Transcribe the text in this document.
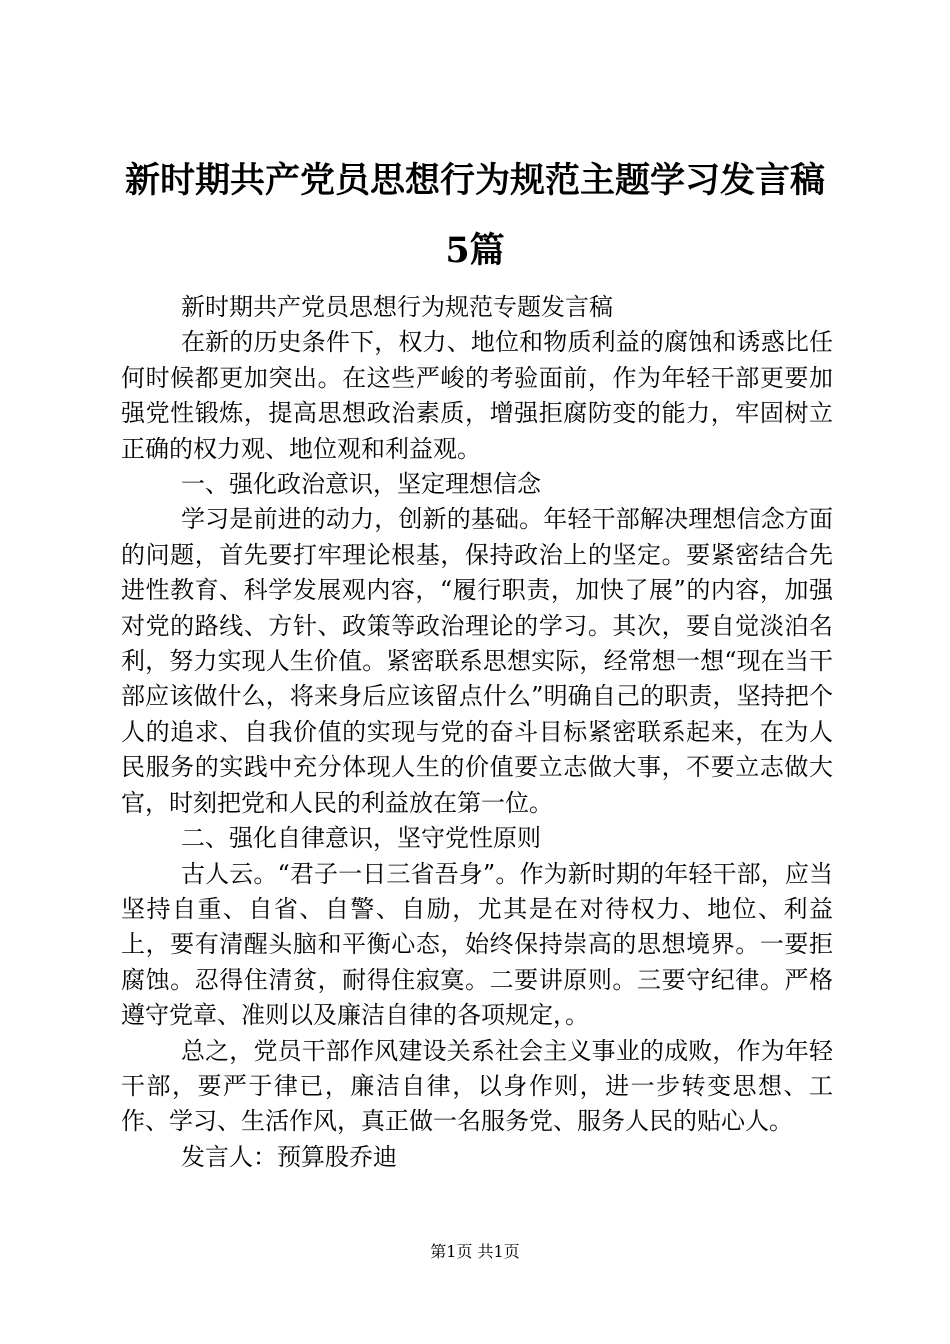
新时期共产党员思想行为规范主题学习发言稿
5篇

新时期共产党员思想行为规范专题发言稿

在新的历史条件下，权力、地位和物质利益的腐蚀和诱惑比任何时候都更加突出。在这些严峻的考验面前，作为年轻干部更要加强党性锻炼，提高思想政治素质，增强拒腐防变的能力，牢固树立正确的权力观、地位观和利益观。

一、强化政治意识，坚定理想信念

学习是前进的动力，创新的基础。年轻干部解决理想信念方面的问题，首先要打牢理论根基，保持政治上的坚定。要紧密结合先进性教育、科学发展观内容，“履行职责，加快了展”的内容，加强对党的路线、方针、政策等政治理论的学习。其次，要自觉淡泊名利，努力实现人生价值。紧密联系思想实际，经常想一想“现在当干部应该做什么，将来身后应该留点什么”明确自己的职责，坚持把个人的追求、自我价值的实现与党的奋斗目标紧密联系起来，在为人民服务的实践中充分体现人生的价值要立志做大事，不要立志做大官，时刻把党和人民的利益放在第一位。

二、强化自律意识，坚守党性原则

古人云。“君子一日三省吾身”。作为新时期的年轻干部，应当坚持自重、自省、自警、自励，尤其是在对待权力、地位、利益上，要有清醒头脑和平衡心态，始终保持崇高的思想境界。一要拒腐蚀。忍得住清贫，耐得住寂寞。二要讲原则。三要守纪律。严格遵守党章、准则以及廉洁自律的各项规定，。

总之，党员干部作风建设关系社会主义事业的成败，作为年轻干部，要严于律已，廉洁自律，以身作则，进一步转变思想、工作、学习、生活作风，真正做一名服务党、服务人民的贴心人。

发言人：预算股乔迪

第1页 共1页
